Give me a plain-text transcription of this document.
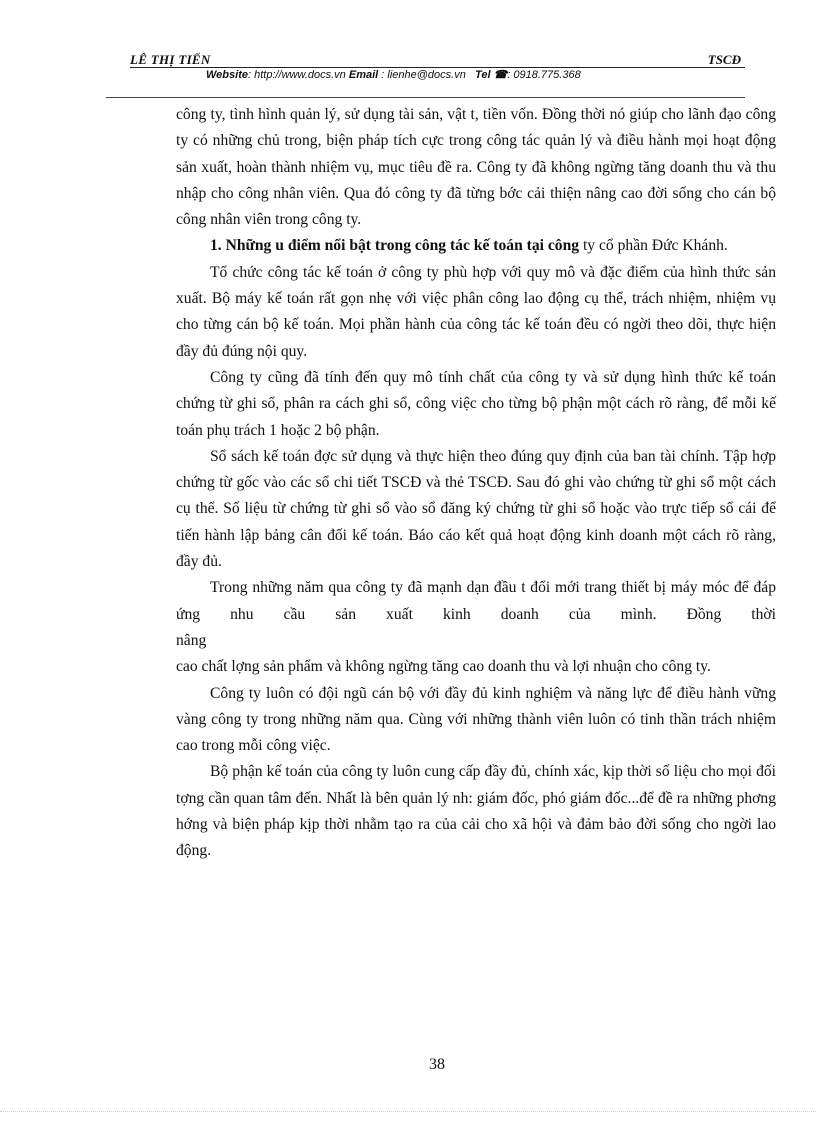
LÊ THỊ TIẾN	TSCĐ
Website: http://www.docs.vn Email : lienhe@docs.vn Tel ☎: 0918.775.368

công ty, tình hình quản lý, sử dụng tài sản, vật t, tiền vốn. Đồng thời nó giúp cho lãnh đạo công ty có những chủ trong, biện pháp tích cực trong công tác quản lý và điều hành mọi hoạt động sản xuất, hoàn thành nhiệm vụ, mục tiêu đề ra. Công ty đã không ngừng tăng doanh thu và thu nhập cho công nhân viên. Qua đó công ty đã từng bớc cải thiện nâng cao đời sống cho cán bộ công nhân viên trong công ty.

1. Những u điểm nổi bật trong công tác kế toán tại công ty cổ phần Đức Khánh.

Tổ chức công tác kế toán ở công ty phù hợp với quy mô và đặc điểm của hình thức sản xuất. Bộ máy kế toán rất gọn nhẹ với việc phân công lao động cụ thể, trách nhiệm, nhiệm vụ cho từng cán bộ kế toán. Mọi phần hành của công tác kế toán đều có ngời theo dõi, thực hiện đầy đủ đúng nội quy.

Công ty cũng đã tính đến quy mô tính chất của công ty và sử dụng hình thức kế toán chứng từ ghi sổ, phân ra cách ghi sổ, công việc cho từng bộ phận một cách rõ ràng, để mỗi kế toán phụ trách 1 hoặc 2 bộ phận.

Sổ sách kế toán đợc sử dụng và thực hiện theo đúng quy định của ban tài chính. Tập hợp chứng từ gốc vào các sổ chi tiết TSCĐ và thẻ TSCĐ. Sau đó ghi vào chứng từ ghi sổ một cách cụ thể. Số liệu từ chứng từ ghi sổ vào sổ đăng ký chứng từ ghi sổ hoặc vào trực tiếp sổ cái để tiến hành lập bảng cân đối kế toán. Báo cáo kết quả hoạt động kinh doanh một cách rõ ràng, đầy đủ.

Trong những năm qua công ty đã mạnh dạn đầu t đổi mới trang thiết bị máy móc để đáp ứng nhu cầu sản xuất kinh doanh của mình. Đồng thời

nâng

cao chất lợng sản phẩm và không ngừng tăng cao doanh thu và lợi nhuận cho công ty.

Công ty luôn có đội ngũ cán bộ với đầy đủ kinh nghiệm và năng lực để điều hành vững vàng công ty trong những năm qua. Cùng với những thành viên luôn có tinh thần trách nhiệm cao trong mỗi công việc.

Bộ phận kế toán của công ty luôn cung cấp đầy đủ, chính xác, kịp thời số liệu cho mọi đối tợng cần quan tâm đến. Nhất là bên quản lý nh: giám đốc, phó giám đốc...để đề ra những phơng hớng và biện pháp kịp thời nhằm tạo ra của cải cho xã hội và đảm bảo đời sống cho ngời lao động.

38
